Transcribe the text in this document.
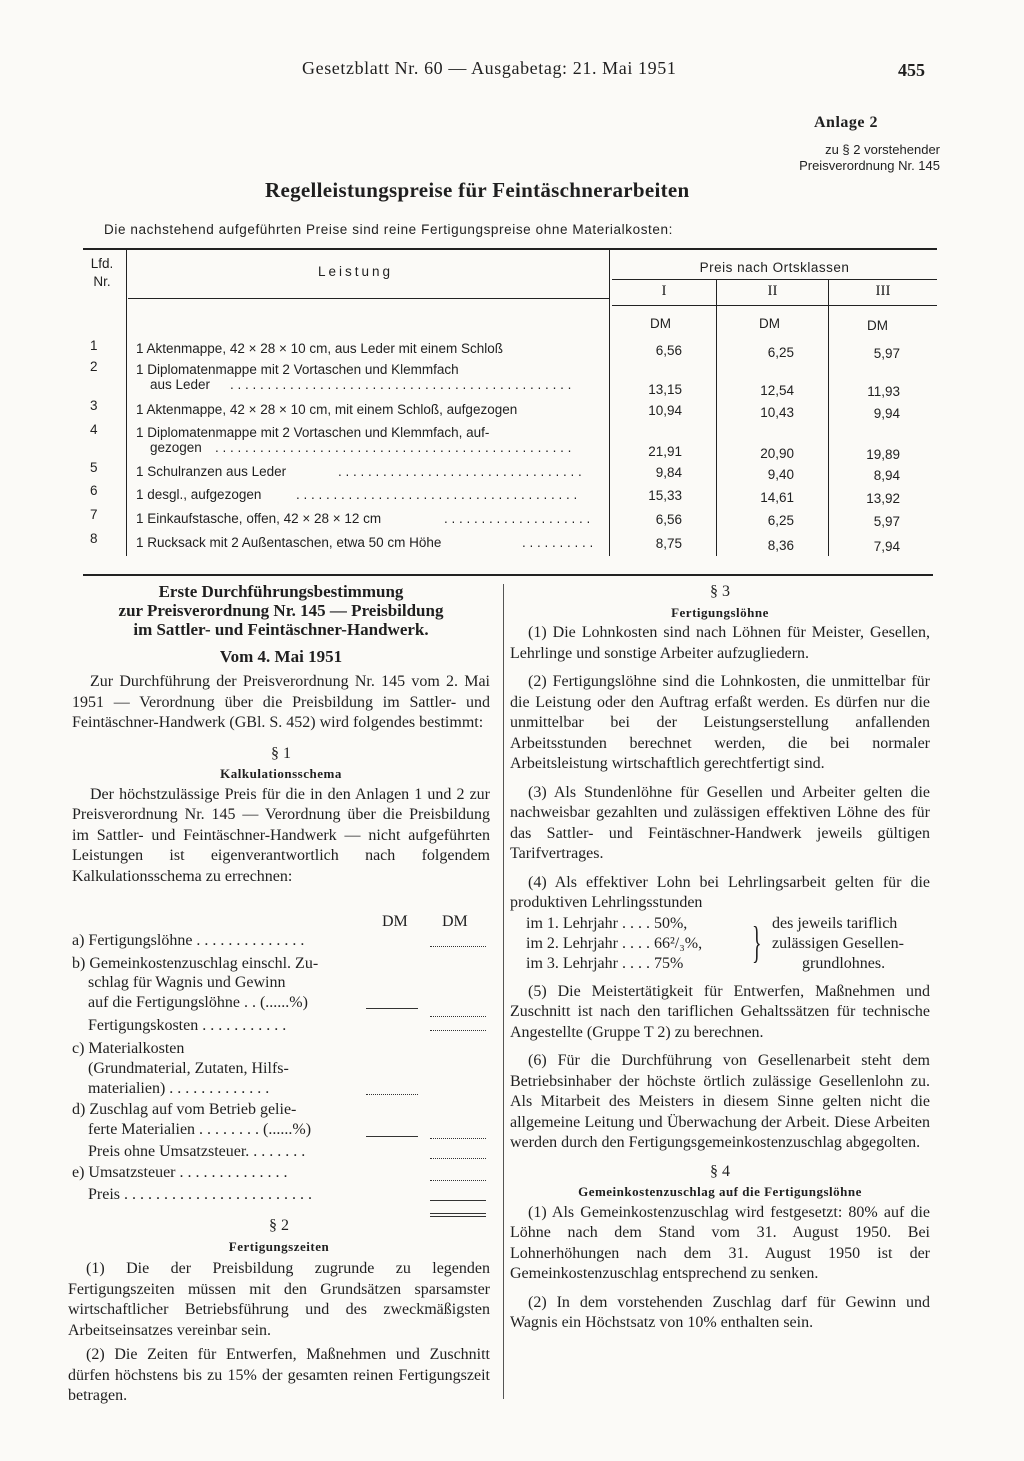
Gesetzblatt Nr. 60 — Ausgabetag: 21. Mai 1951	455
Anlage 2
zu § 2 vorstehender
Preisverordnung Nr. 145
Regelleistungspreise für Feintäschnerarbeiten
Die nachstehend aufgeführten Preise sind reine Fertigungspreise ohne Materialkosten:
Lfd.
Nr.
Leistung	Preis nach Ortsklassen
I	II	III
DM	DM	DM
1	1 Aktenmappe, 42 × 28 × 10 cm, aus Leder mit einem Schloß	6,56	6,25	5,97
2	1 Diplomatenmappe mit 2 Vortaschen und Klemmfach
aus Leder . . . . . . . . . . . . . . . . . . . . . . . . . . . . . . . . . . . . . . . . . . . . . .	13,15	12,54	11,93
3	1 Aktenmappe, 42 × 28 × 10 cm, mit einem Schloß, aufgezogen	10,94	10,43	9,94
4	1 Diplomatenmappe mit 2 Vortaschen und Klemmfach, auf-
gezogen . . . . . . . . . . . . . . . . . . . . . . . . . . . . . . . . . . . . . . . . . . . . . . . .	21,91	20,90	19,89
5	1 Schulranzen aus Leder	. . . . . . . . . . . . . . . . . . . . . . . . . . . . . . . . .	9,84	9,40	8,94
6	1 desgl., aufgezogen	. . . . . . . . . . . . . . . . . . . . . . . . . . . . . . . . . . . . . .	15,33	14,61	13,92
7	1 Einkaufstasche, offen, 42 × 28 × 12 cm	. . . . . . . . . . . . . . . . . . . .	6,56	6,25	5,97
8	1 Rucksack mit 2 Außentaschen, etwa 50 cm Höhe	. . . . . . . . . .	8,75	8,36	7,94
Erste Durchführungsbestimmung
zur Preisverordnung Nr. 145 — Preisbildung
im Sattler- und Feintäschner-Handwerk.
Vom 4. Mai 1951

Zur Durchführung der Preisverordnung Nr. 145 vom 2. Mai 1951 — Verordnung über die Preisbildung im Sattler- und Feintäschner-Handwerk (GBl. S. 452) wird folgendes bestimmt:

§ 1
Kalkulationsschema

Der höchstzulässige Preis für die in den Anlagen 1 und 2 zur Preisverordnung Nr. 145 — Verordnung über die Preisbildung im Sattler- und Feintäschner-Handwerk — nicht aufgeführten Leistungen ist eigenverantwortlich nach folgendem Kalkulationsschema zu errechnen:

DM DM
a) Fertigungslöhne . . . . . . . . . . . . . .
b) Gemeinkostenzuschlag einschl. Zu-
schlag für Wagnis und Gewinn
auf die Fertigungslöhne . . (......%)
Fertigungskosten . . . . . . . . . . .
c) Materialkosten
(Grundmaterial, Zutaten, Hilfs-
materialien) . . . . . . . . . . . . .
d) Zuschlag auf vom Betrieb gelie-
ferte Materialien . . . . . . . . (......%)
Preis ohne Umsatzsteuer. . . . . . . .
e) Umsatzsteuer . . . . . . . . . . . . . .
Preis . . . . . . . . . . . . . . . . . . . . . . . .
§ 2
Fertigungszeiten

(1) Die der Preisbildung zugrunde zu legenden Fertigungszeiten müssen mit den Grundsätzen sparsamster wirtschaftlicher Betriebsführung und des zweckmäßigsten Arbeitseinsatzes vereinbar sein.

(2) Die Zeiten für Entwerfen, Maßnehmen und Zuschnitt dürfen höchstens bis zu 15% der gesamten reinen Fertigungszeit betragen.

§ 3
Fertigungslöhne

(1) Die Lohnkosten sind nach Löhnen für Meister, Gesellen, Lehrlinge und sonstige Arbeiter aufzugliedern.

(2) Fertigungslöhne sind die Lohnkosten, die unmittelbar für die Leistung oder den Auftrag erfaßt werden. Es dürfen nur die unmittelbar bei der Leistungserstellung anfallenden Arbeitsstunden berechnet werden, die bei normaler Arbeitsleistung wirtschaftlich gerechtfertigt sind.

(3) Als Stundenlöhne für Gesellen und Arbeiter gelten die nachweisbar gezahlten und zulässigen effektiven Löhne des für das Sattler- und Feintäschner-Handwerk jeweils gültigen Tarifvertrages.

(4) Als effektiver Lohn bei Lehrlingsarbeit gelten für die produktiven Lehrlingsstunden

im 1. Lehrjahr . . . . 50%,
im 2. Lehrjahr . . . . 66²/₃%,
im 3. Lehrjahr . . . . 75% } des jeweils tariflich
zulässigen Gesellen-
grundlohnes.

(5) Die Meistertätigkeit für Entwerfen, Maßnehmen und Zuschnitt ist nach den tariflichen Gehaltssätzen für technische Angestellte (Gruppe T 2) zu berechnen.

(6) Für die Durchführung von Gesellenarbeit steht dem Betriebsinhaber der höchste örtlich zulässige Gesellenlohn zu. Als Mitarbeit des Meisters in diesem Sinne gelten nicht die allgemeine Leitung und Überwachung der Arbeit. Diese Arbeiten werden durch den Fertigungsgemeinkostenzuschlag abgegolten.

§ 4
Gemeinkostenzuschlag auf die Fertigungslöhne

(1) Als Gemeinkostenzuschlag wird festgesetzt: 80% auf die Löhne nach dem Stand vom 31. August 1950. Bei Lohnerhöhungen nach dem 31. August 1950 ist der Gemeinkostenzuschlag entsprechend zu senken.

(2) In dem vorstehenden Zuschlag darf für Gewinn und Wagnis ein Höchstsatz von 10% enthalten sein.
